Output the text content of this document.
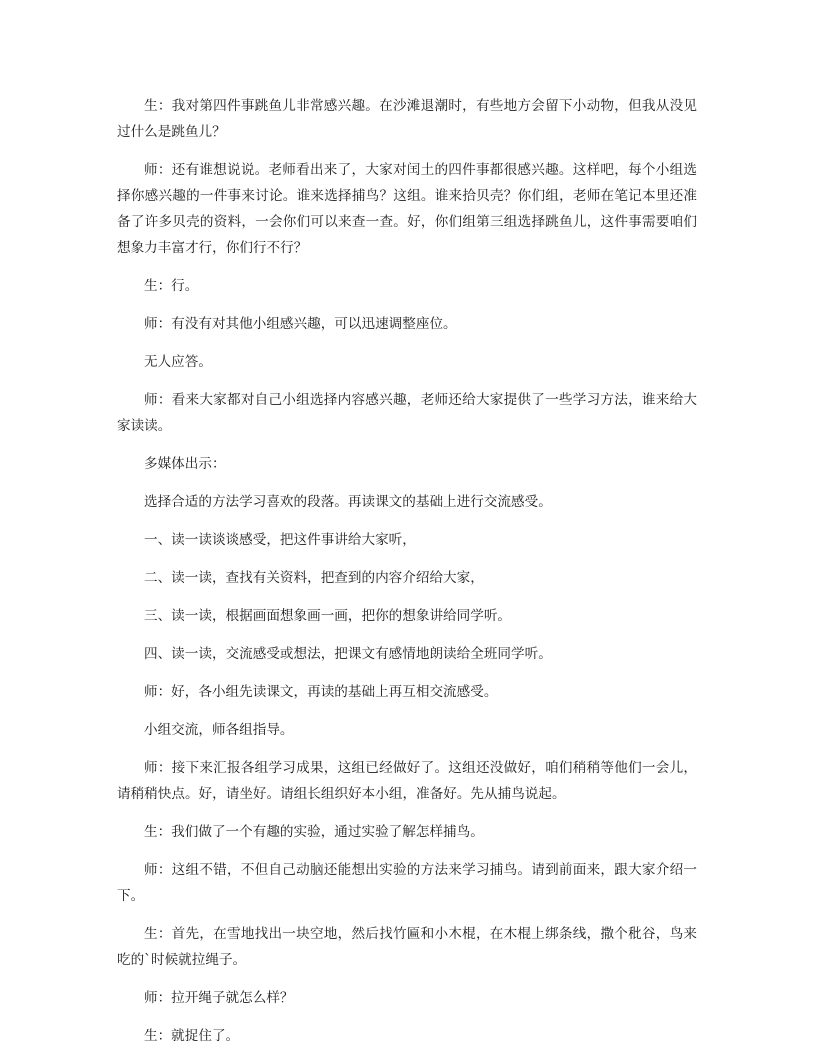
生：我对第四件事跳鱼儿非常感兴趣。在沙滩退潮时，有些地方会留下小动物，但我从没见过什么是跳鱼儿？

师：还有谁想说说。老师看出来了，大家对闰土的四件事都很感兴趣。这样吧，每个小组选择你感兴趣的一件事来讨论。谁来选择捕鸟？这组。谁来拾贝壳？你们组，老师在笔记本里还准备了许多贝壳的资料，一会你们可以来查一查。好，你们组第三组选择跳鱼儿，这件事需要咱们想象力丰富才行，你们行不行？

生：行。

师：有没有对其他小组感兴趣，可以迅速调整座位。

无人应答。

师：看来大家都对自己小组选择内容感兴趣，老师还给大家提供了一些学习方法，谁来给大家读读。

多媒体出示：

选择合适的方法学习喜欢的段落。再读课文的基础上进行交流感受。

一、读一读谈谈感受，把这件事讲给大家听，

二、读一读，查找有关资料，把查到的内容介绍给大家，

三、读一读，根据画面想象画一画，把你的想象讲给同学听。

四、读一读，交流感受或想法，把课文有感情地朗读给全班同学听。

师：好，各小组先读课文，再读的基础上再互相交流感受。

小组交流，师各组指导。

师：接下来汇报各组学习成果，这组已经做好了。这组还没做好，咱们稍稍等他们一会儿，请稍稍快点。好，请坐好。请组长组织好本小组，准备好。先从捕鸟说起。

生：我们做了一个有趣的实验，通过实验了解怎样捕鸟。

师：这组不错，不但自己动脑还能想出实验的方法来学习捕鸟。请到前面来，跟大家介绍一下。

生：首先，在雪地找出一块空地，然后找竹匾和小木棍，在木棍上绑条线，撒个秕谷，鸟来吃的`时候就拉绳子。

师：拉开绳子就怎么样？

生：就捉住了。
